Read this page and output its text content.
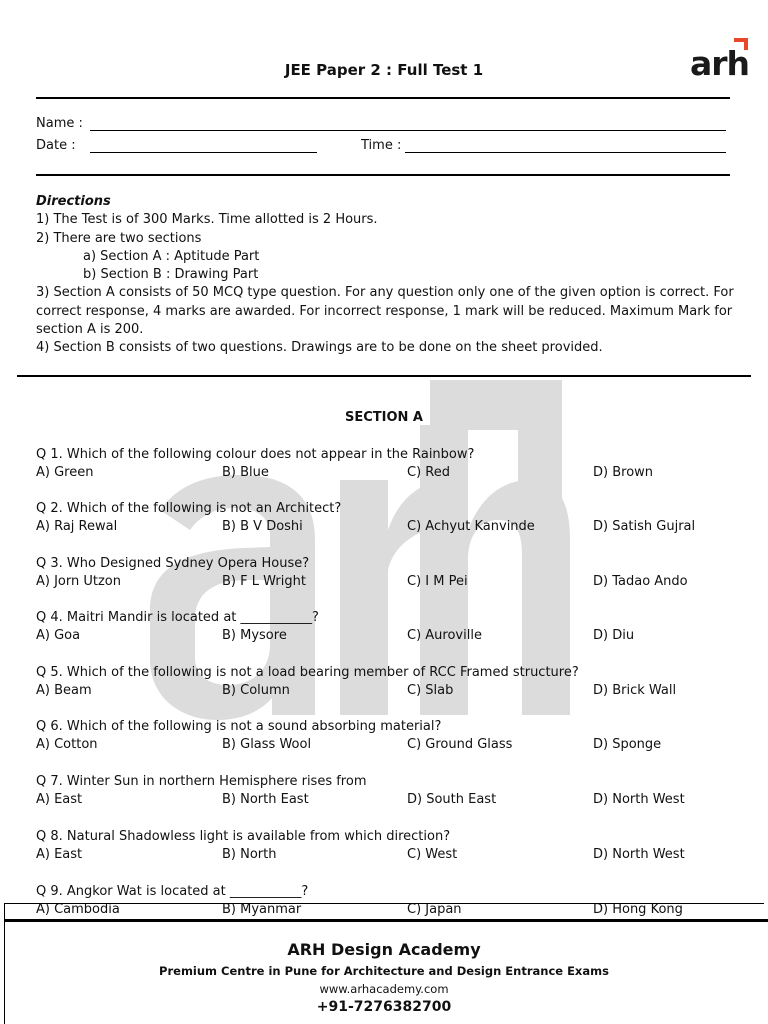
JEE Paper 2 : Full Test 1	arh
Name :
Date :	Time :
Directions
1) The Test is of 300 Marks. Time allotted is 2 Hours.
2) There are two sections
a) Section A : Aptitude Part
b) Section B : Drawing Part
3) Section A consists of 50 MCQ type question. For any question only one of the given option is correct. For correct response, 4 marks are awarded. For incorrect response, 1 mark will be reduced. Maximum Mark for section A is 200.
4) Section B consists of two questions. Drawings are to be done on the sheet provided.
SECTION A
Q 1. Which of the following colour does not appear in the Rainbow?
A) Green	B) Blue	C) Red	D) Brown
Q 2. Which of the following is not an Architect?
A) Raj Rewal	B) B V Doshi	C) Achyut Kanvinde	D) Satish Gujral
Q 3. Who Designed Sydney Opera House?
A) Jorn Utzon	B) F L Wright	C) I M Pei	D) Tadao Ando
Q 4. Maitri Mandir is located at ___________?
A) Goa	B) Mysore	C) Auroville	D) Diu
Q 5. Which of the following is not a load bearing member of RCC Framed structure?
A) Beam	B) Column	C) Slab	D) Brick Wall
Q 6. Which of the following is not a sound absorbing material?
A) Cotton	B) Glass Wool	C) Ground Glass	D) Sponge
Q 7. Winter Sun in northern Hemisphere rises from
A) East	B) North East	D) South East	D) North West
Q 8. Natural Shadowless light is available from which direction?
A) East	B) North	C) West	D) North West
Q 9. Angkor Wat is located at ___________?
A) Cambodia	B) Myanmar	C) Japan	D) Hong Kong
ARH Design Academy
Premium Centre in Pune for Architecture and Design Entrance Exams
www.arhacademy.com
+91-7276382700
